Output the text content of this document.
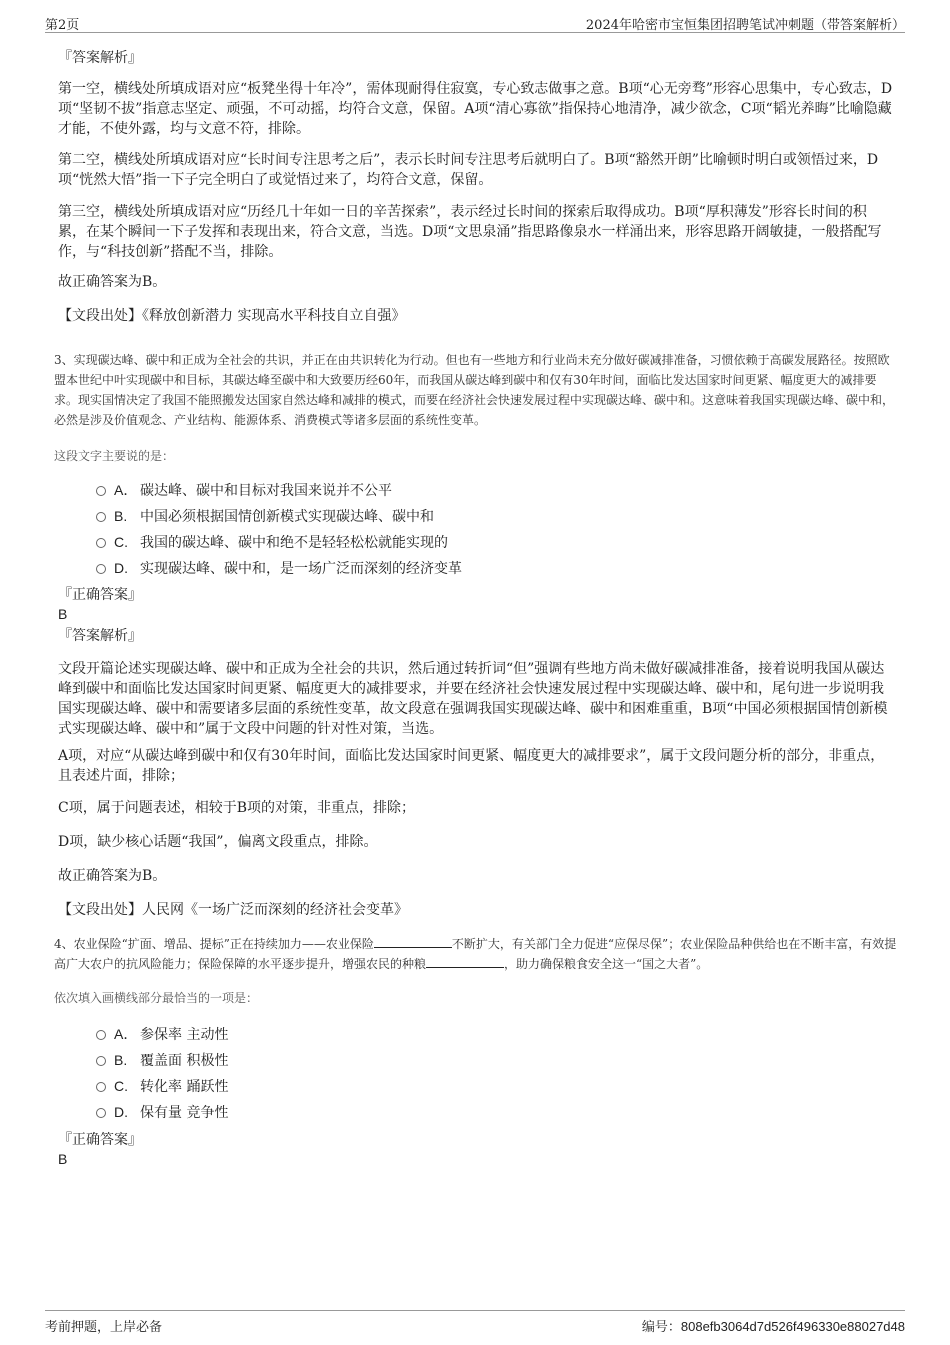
第2页	2024年哈密市宝恒集团招聘笔试冲刺题（带答案解析）

『答案解析』

第一空，横线处所填成语对应“板凳坐得十年冷”，需体现耐得住寂寞，专心致志做事之意。B项“心无旁骛”形容心思集中，专心致志，D项“坚韧不拔”指意志坚定、顽强，不可动摇，均符合文意，保留。A项“清心寡欲”指保持心地清净，减少欲念，C项“韬光养晦”比喻隐藏才能，不使外露，均与文意不符，排除。

第二空，横线处所填成语对应“长时间专注思考之后”，表示长时间专注思考后就明白了。B项“豁然开朗”比喻顿时明白或领悟过来，D项“恍然大悟”指一下子完全明白了或觉悟过来了，均符合文意，保留。

第三空，横线处所填成语对应“历经几十年如一日的辛苦探索”，表示经过长时间的探索后取得成功。B项“厚积薄发”形容长时间的积累，在某个瞬间一下子发挥和表现出来，符合文意，当选。D项“文思泉涌”指思路像泉水一样涌出来，形容思路开阔敏捷，一般搭配写作，与“科技创新”搭配不当，排除。

故正确答案为B。

【文段出处】《释放创新潜力 实现高水平科技自立自强》

3、实现碳达峰、碳中和正成为全社会的共识，并正在由共识转化为行动。但也有一些地方和行业尚未充分做好碳减排准备，习惯依赖于高碳发展路径。按照欧盟本世纪中叶实现碳中和目标，其碳达峰至碳中和大致要历经60年，而我国从碳达峰到碳中和仅有30年时间，面临比发达国家时间更紧、幅度更大的减排要求。现实国情决定了我国不能照搬发达国家自然达峰和减排的模式，而要在经济社会快速发展过程中实现碳达峰、碳中和。这意味着我国实现碳达峰、碳中和，必然是涉及价值观念、产业结构、能源体系、消费模式等诸多层面的系统性变革。

这段文字主要说的是：

A． 碳达峰、碳中和目标对我国来说并不公平
B. 中国必须根据国情创新模式实现碳达峰、碳中和
C. 我国的碳达峰、碳中和绝不是轻轻松松就能实现的
D. 实现碳达峰、碳中和，是一场广泛而深刻的经济变革

『正确答案』

B

『答案解析』

文段开篇论述实现碳达峰、碳中和正成为全社会的共识，然后通过转折词“但”强调有些地方尚未做好碳减排准备，接着说明我国从碳达峰到碳中和面临比发达国家时间更紧、幅度更大的减排要求，并要在经济社会快速发展过程中实现碳达峰、碳中和，尾句进一步说明我国实现碳达峰、碳中和需要诸多层面的系统性变革，故文段意在强调我国实现碳达峰、碳中和困难重重，B项“中国必须根据国情创新模式实现碳达峰、碳中和”属于文段中问题的针对性对策，当选。

A项，对应“从碳达峰到碳中和仅有30年时间，面临比发达国家时间更紧、幅度更大的减排要求”，属于文段问题分析的部分，非重点，且表述片面，排除；

C项，属于问题表述，相较于B项的对策，非重点，排除；

D项，缺少核心话题“我国”，偏离文段重点，排除。

故正确答案为B。

【文段出处】人民网《一场广泛而深刻的经济社会变革》

4、农业保险“扩面、增品、提标”正在持续加力——农业保险	不断扩大，有关部门全力促进“应保尽保”；农业保险品种供给也在不断丰富，有效提高广大农户的抗风险能力；保险保障的水平逐步提升，增强农民的种粮	，助力确保粮食安全这一“国之大者”。

依次填入画横线部分最恰当的一项是：

A． 参保率 主动性
B. 覆盖面 积极性
C. 转化率 踊跃性
D. 保有量 竞争性

『正确答案』

B
考前押题，上岸必备	编号：808efb3064d7d526f496330e88027d48
